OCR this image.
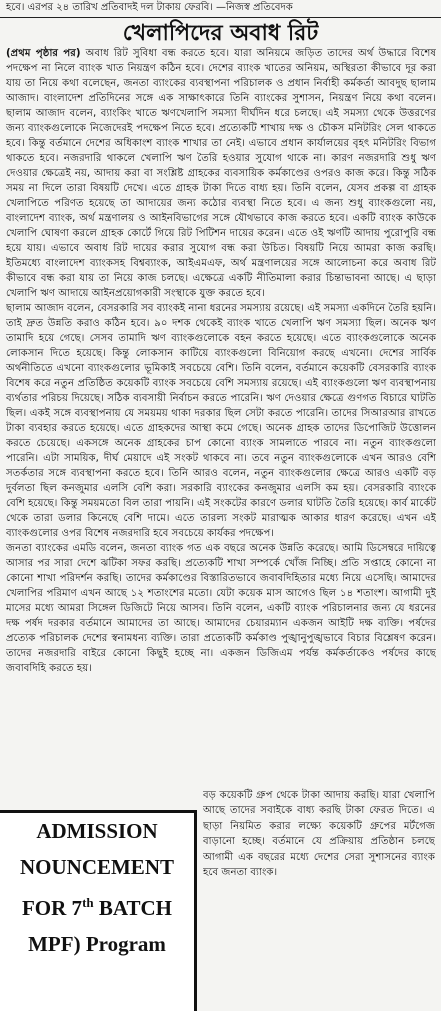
হবে। এরপর ২৪ তারিখ প্রতিবাদই দল টাকায় ফেরবি। —নিজস্ব প্রতিবেদক
খেলাপিদের অবাধ রিট

(প্রথম পৃষ্ঠার পর) অবাধ রিট সুবিধা বন্ধ করতে হবে। যারা অনিয়মে জড়িত তাদের অর্থ উদ্ধারে বিশেষ পদক্ষেপ না নিলে ব্যাংক খাত নিয়ন্ত্রণ কঠিন হবে। দেশের ব্যাংক খাতের অনিয়ম, অস্থিরতা কীভাবে দূর করা যায় তা নিয়ে কথা বলেছেন, জনতা ব্যাংকের ব্যবস্থাপনা পরিচালক ও প্রধান নির্বাহী কর্মকর্তা আবদুছ ছালাম আজাদ। বাংলাদেশ প্রতিদিনের সঙ্গে এক সাক্ষাৎকারে তিনি ব্যাংকের সুশাসন, নিয়ন্ত্রণ নিয়ে কথা বলেন। ছালাম আজাদ বলেন, ব্যাংকিং খাতে ঋণখেলাপি সমস্যা দীর্ঘদিন ধরে চলছে। এই সমস্যা থেকে উত্তরণের জন্য ব্যাংকগুলোকে নিজেদেরই পদক্ষেপ নিতে হবে। প্রত্যেকটি শাখায় দক্ষ ও চৌকস মনিটরিং সেল থাকতে হবে। কিন্তু বর্তমানে দেশের অধিকাংশ ব্যাংক শাখার তা নেই। এভাবে প্রধান কার্যালয়ের বৃহৎ মনিটরিং বিভাগ থাকতে হবে। নজরদারি থাকলে খেলাপি ঋণ তৈরি হওয়ার সুযোগ থাকে না। কারণ নজরদারি শুধু ঋণ দেওয়ার ক্ষেত্রেই নয়, আদায় করা বা সংশ্লিষ্ট গ্রাহকের ব্যবসায়িক কর্মকাণ্ডের ওপরও কাজ করে। কিন্তু সঠিক সময় না দিলে তারা বিষয়টি দেখে। এতে গ্রাহক টাকা দিতে বাধ্য হয়। তিনি বলেন, যেসব প্রকল্প বা গ্রাহক খেলাপিতে পরিণত হয়েছে তা আদায়ের জন্য কঠোর ব্যবস্থা নিতে হবে। এ জন্য শুধু ব্যাংকগুলো নয়, বাংলাদেশ ব্যাংক, অর্থ মন্ত্রণালয় ও আইনবিভাগের সঙ্গে যৌথভাবে কাজ করতে হবে। একটি ব্যাংক কাউকে খেলাপি ঘোষণা করলে গ্রাহক কোর্টে গিয়ে রিট পিটিশন দায়ের করেন। এতে ওই ঋণটি আদায় পুরোপুরি বন্ধ হয়ে যায়। এভাবে অবাধ রিট দায়ের করার সুযোগ বন্ধ করা উচিত। বিষয়টি নিয়ে আমরা কাজ করছি। ইতিমধ্যে বাংলাদেশ ব্যাংকসহ বিশ্বব্যাংক, আইএমএফ, অর্থ মন্ত্রণালয়ের সঙ্গে আলোচনা করে অবাধ রিট কীভাবে বন্ধ করা যায় তা নিয়ে কাজ চলছে। এক্ষেত্রে একটি নীতিমালা করার চিন্তাভাবনা আছে। এ ছাড়া খেলাপি ঋণ আদায়ে আইনপ্রয়োগকারী সংস্থাকে যুক্ত করতে হবে।

ছালাম আজাদ বলেন, বেসরকারি সব ব্যাংকই নানা ধরনের সমস্যায় রয়েছে। এই সমস্যা একদিনে তৈরি হয়নি। তাই দ্রুত উন্নতি করাও কঠিন হবে। ৯০ দশক থেকেই ব্যাংক খাতে খেলাপি ঋণ সমস্যা ছিল। অনেক ঋণ তামাদি হয়ে গেছে। সেসব তামাদি ঋণ ব্যাংকগুলোকে বহন করতে হয়েছে। এতে ব্যাংকগুলোকে অনেক লোকসান দিতে হয়েছে। কিন্তু লোকসান কাটিয়ে ব্যাংকগুলো বিনিয়োগ করছে এখনো। দেশের সার্বিক অর্থনীতিতে এখনো ব্যাংকগুলোর ভূমিকাই সবচেয়ে বেশি। তিনি বলেন, বর্তমানে কয়েকটি বেসরকারি ব্যাংক বিশেষ করে নতুন প্রতিষ্ঠিত কয়েকটি ব্যাংক সবচেয়ে বেশি সমস্যায় রয়েছে। এই ব্যাংকগুলো ঋণ ব্যবস্থাপনায় ব্যর্থতার পরিচয় দিয়েছে। সঠিক ব্যবসায়ী নির্বাচন করতে পারেনি। ঋণ দেওয়ার ক্ষেত্রে গুণগত বিচারে ঘাটতি ছিল। একই সঙ্গে ব্যবস্থাপনায় যে সময়ময় থাকা দরকার ছিল সেটা করতে পারেনি। তাদের সিআরআর রাখতে টাকা ব্যবহার করতে হয়েছে। এতে গ্রাহকদের আস্থা কমে গেছে। অনেক গ্রাহক তাদের ডিপোজিট উত্তোলন করতে চেয়েছে। একসঙ্গে অনেক গ্রাহকের চাপ কোনো ব্যাংক সামলাতে পারবে না। নতুন ব্যাংকগুলো পারেনি। এটা সাময়িক, দীর্ঘ মেয়াদে এই সংকট থাকবে না। তবে নতুন ব্যাংকগুলোকে এখন আরও বেশি সতর্কতার সঙ্গে ব্যবস্থাপনা করতে হবে। তিনি আরও বলেন, নতুন ব্যাংকগুলোর ক্ষেত্রে আরও একটি বড় দুর্বলতা ছিল কনজুমার এলসি বেশি করা। সরকারি ব্যাংকের কনজুমার এলসি কম হয়। বেসরকারি ব্যাংকে বেশি হয়েছে। কিন্তু সময়মতো বিল তারা পায়নি। এই সংকটের কারণে ডলার ঘাটতি তৈরি হয়েছে। কার্ব মার্কেট থেকে তারা ডলার কিনেছে বেশি দামে। এতে তারল্য সংকট মারাত্মক আকার ধারণ করেছে। এখন এই ব্যাংকগুলোর ওপর বিশেষ নজরদারি হবে সবচেয়ে কার্যকর পদক্ষেপ।

জনতা ব্যাংকের এমডি বলেন, জনতা ব্যাংক গত এক বছরে অনেক উন্নতি করেছে। আমি ডিসেম্বরে দায়িত্বে আসার পর সারা দেশে ঝটিকা সফর করছি। প্রত্যেকটি শাখা সম্পর্কে খোঁজ নিচ্ছি। প্রতি সপ্তাহে কোনো না কোনো শাখা পরিদর্শন করছি। তাদের কর্মকাণ্ডের বিস্তারিতভাবে জবাবদিহিতার মধ্যে নিয়ে এসেছি। আমাদের খেলাপির পরিমাণ এখন আছে ১২ শতাংশের মতো। যেটা কয়েক মাস আগেও ছিল ১৪ শতাংশ। আগামী দুই মাসের মধ্যে আমরা সিঙ্গেল ডিজিটে নিয়ে আসব। তিনি বলেন, একটি ব্যাংক পরিচালনার জন্য যে ধরনের দক্ষ পর্ষদ দরকার বর্তমানে আমাদের তা আছে। আমাদের চেয়ারম্যান একজন আইটি দক্ষ ব্যক্তি। পর্ষদের প্রত্যেক পরিচালক দেশের স্বনামধন্য ব্যক্তি। তারা প্রত্যেকটি কর্মকাণ্ড পুঙ্খানুপুঙ্খভাবে বিচার বিশ্লেষণ করেন। তাদের নজরদারি বাইরে কোনো কিছুই হচ্ছে না। একজন ডিজিএম পর্যন্ত কর্মকর্তাকেও পর্ষদের কাছে জবাবদিহি করতে হয়।

ADMISSION
NOUNCEMENT
FOR 7th BATCH
MPF) Program

বড় কয়েকটি গ্রুপ থেকে টাকা আদায় করছি। যারা খেলাপি আছে তাদের সবাইকে বাধ্য করছি টাকা ফেরত দিতে। এ ছাড়া নিয়মিত করার লক্ষ্যে কয়েকটি গ্রুপের মর্টগেজ বাড়ানো হচ্ছে। বর্তমানে যে প্রক্রিয়ায় প্রতিষ্ঠান চলছে আগামী এক বছরের মধ্যে দেশের সেরা সুশাসনের ব্যাংক হবে জনতা ব্যাংক।
